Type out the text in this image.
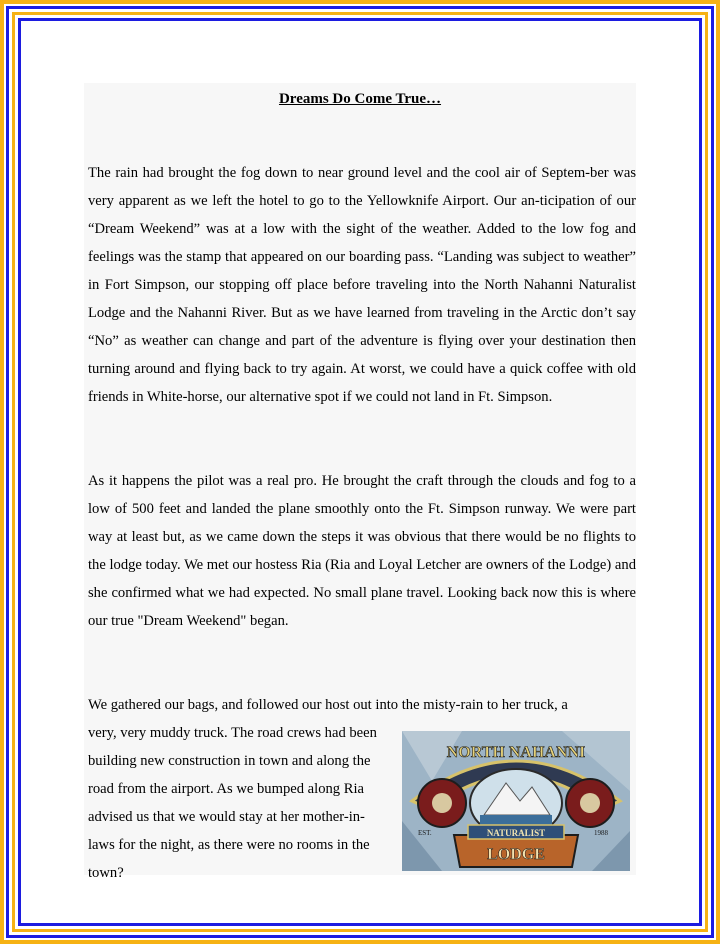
Dreams Do Come True…

The rain had brought the fog down to near ground level and the cool air of Septem-ber was very apparent as we left the hotel to go to the Yellowknife Airport. Our an-ticipation of our “Dream Weekend” was at a low with the sight of the weather. Added to the low fog and feelings was the stamp that appeared on our boarding pass. “Landing was subject to weather” in Fort Simpson, our stopping off place before traveling into the North Nahanni Naturalist Lodge and the Nahanni River. But as we have learned from traveling in the Arctic don’t say “No” as weather can change and part of the adventure is flying over your destination then turning around and flying back to try again. At worst, we could have a quick coffee with old friends in White-horse, our alternative spot if we could not land in Ft. Simpson.

As it happens the pilot was a real pro. He brought the craft through the clouds and fog to a low of 500 feet and landed the plane smoothly onto the Ft. Simpson runway. We were part way at least but, as we came down the steps it was obvious that there would be no flights to the lodge today. We met our hostess Ria (Ria and Loyal Letcher are owners of the Lodge) and she confirmed what we had expected. No small plane travel. Looking back now this is where our true "Dream Weekend" began.

We gathered our bags, and followed our host out into the misty-rain to her truck, a
very, very muddy truck. The road crews had been building new construction in town and along the road from the airport. As we bumped along Ria advised us that we would stay at her mother-in-laws for the night, as there were no rooms in the town?
NORTH NAHANNI
NATURALIST
LODGE
EST.	1988
